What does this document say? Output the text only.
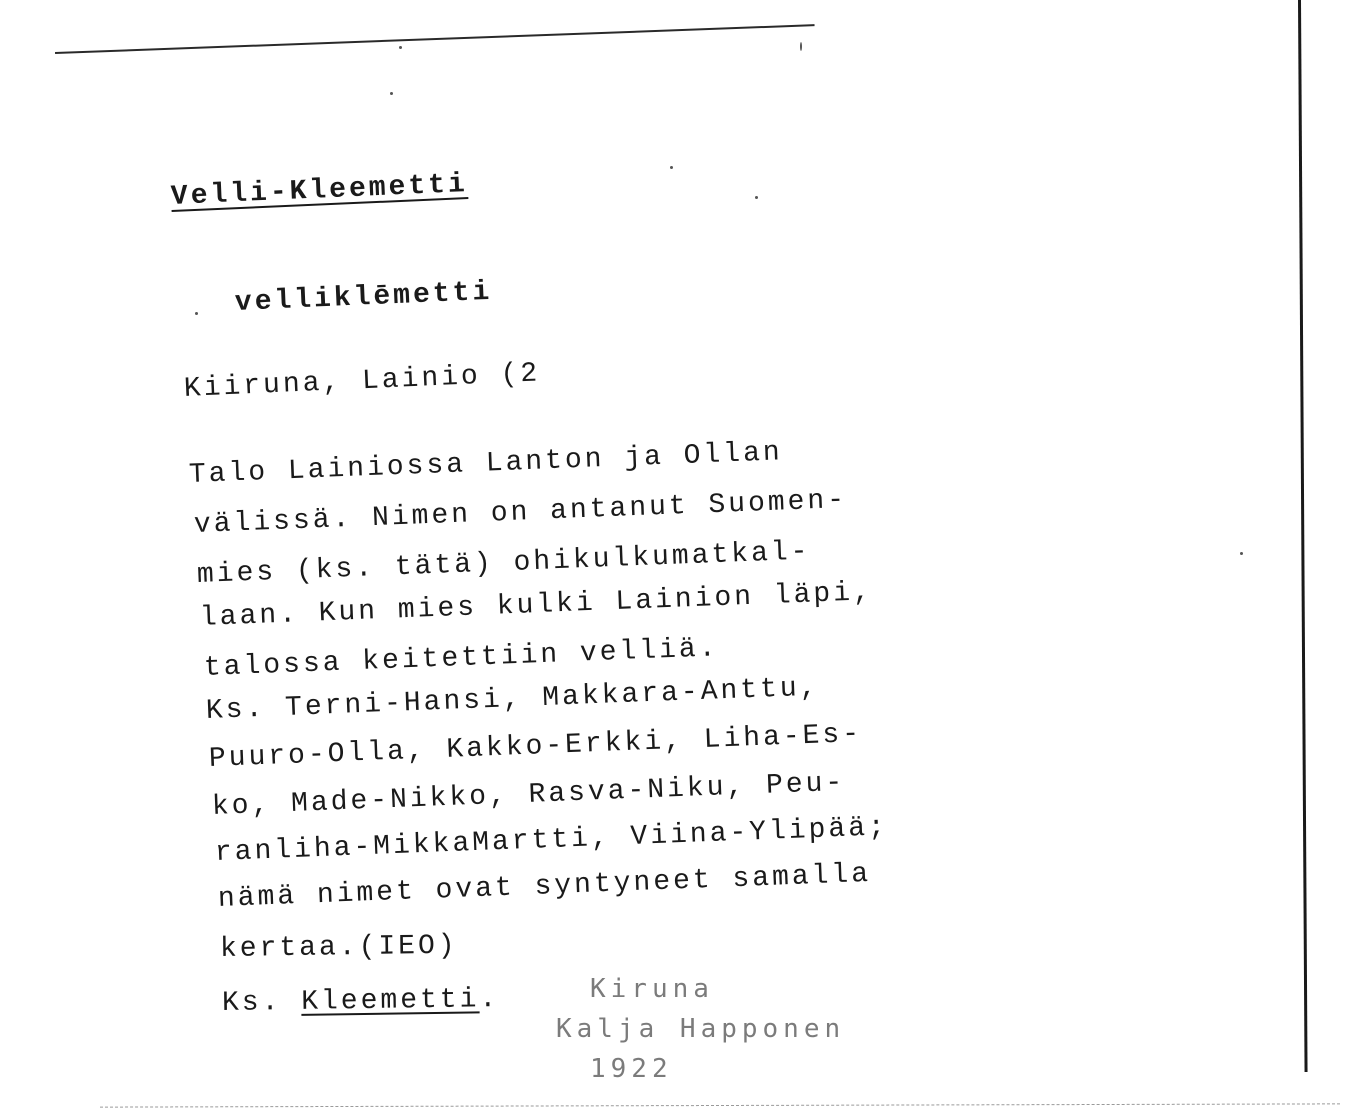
Velli-Kleemetti
velliklēmetti
Kiiruna, Lainio (2
Talo Lainiossa Lanton ja Ollan
välissä. Nimen on antanut Suomen-
mies (ks. tätä) ohikulkumatkal-
laan. Kun mies kulki Lainion läpi,
talossa keitettiin velliä.
Ks. Terni-Hansi, Makkara-Anttu,
Puuro-Olla, Kakko-Erkki, Liha-Es-
ko, Made-Nikko, Rasva-Niku, Peu-
ranliha-MikkaMartti, Viina-Ylipää;
nämä nimet ovat syntyneet samalla
kertaa.(IEO)
Ks. Kleemetti.	Kiruna
Kalja Happonen
1922
